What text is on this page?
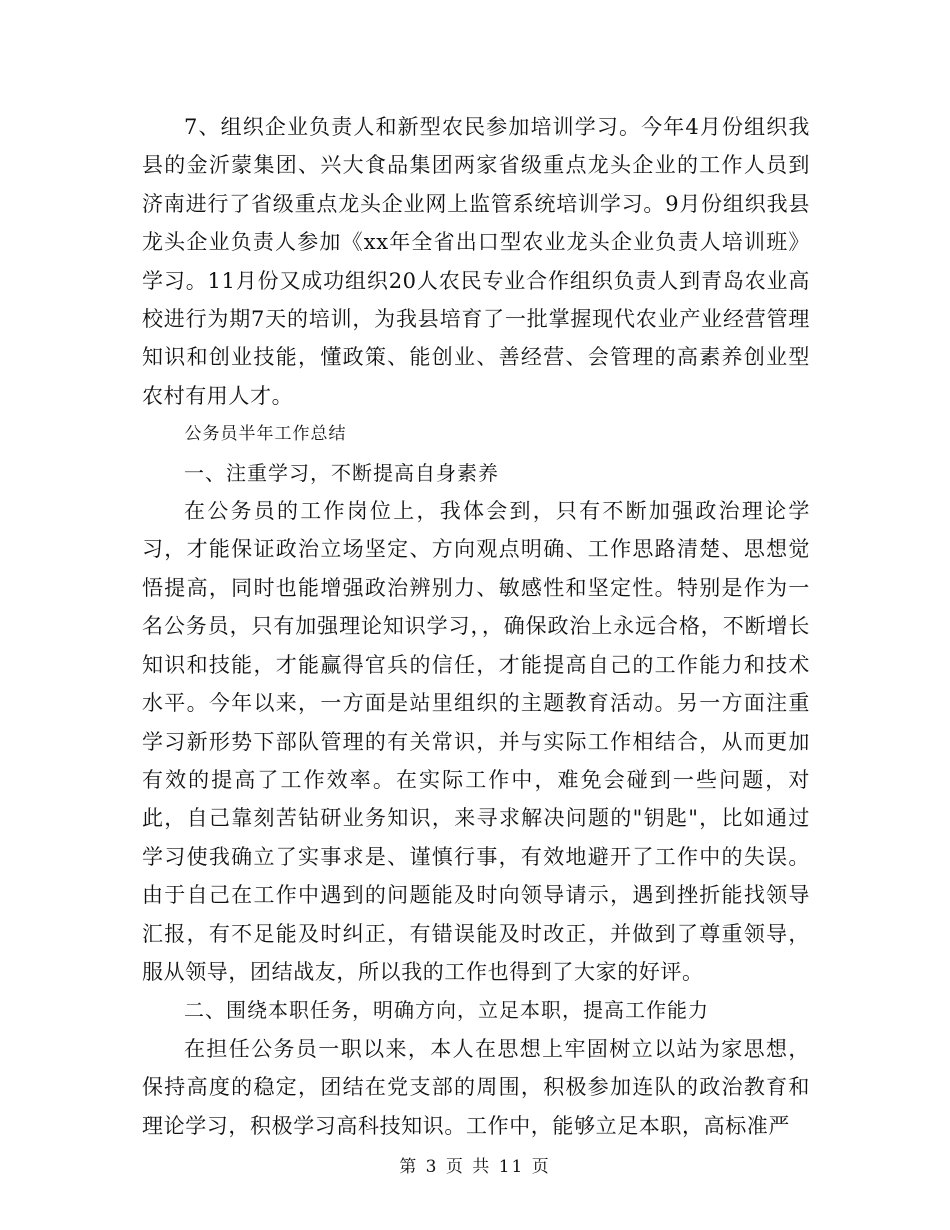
7、组织企业负责人和新型农民参加培训学习。今年4月份组织我县的金沂蒙集团、兴大食品集团两家省级重点龙头企业的工作人员到济南进行了省级重点龙头企业网上监管系统培训学习。9月份组织我县龙头企业负责人参加《xx年全省出口型农业龙头企业负责人培训班》学习。11月份又成功组织20人农民专业合作组织负责人到青岛农业高校进行为期7天的培训，为我县培育了一批掌握现代农业产业经营管理知识和创业技能，懂政策、能创业、善经营、会管理的高素养创业型农村有用人才。

公务员半年工作总结

一、注重学习，不断提高自身素养

在公务员的工作岗位上，我体会到，只有不断加强政治理论学习，才能保证政治立场坚定、方向观点明确、工作思路清楚、思想觉悟提高，同时也能增强政治辨别力、敏感性和坚定性。特别是作为一名公务员，只有加强理论知识学习，，确保政治上永远合格，不断增长知识和技能，才能赢得官兵的信任，才能提高自己的工作能力和技术水平。今年以来，一方面是站里组织的主题教育活动。另一方面注重学习新形势下部队管理的有关常识，并与实际工作相结合，从而更加有效的提高了工作效率。在实际工作中，难免会碰到一些问题，对此，自己靠刻苦钻研业务知识，来寻求解决问题的"钥匙"，比如通过学习使我确立了实事求是、谨慎行事，有效地避开了工作中的失误。由于自己在工作中遇到的问题能及时向领导请示，遇到挫折能找领导汇报，有不足能及时纠正，有错误能及时改正，并做到了尊重领导，服从领导，团结战友，所以我的工作也得到了大家的好评。

二、围绕本职任务，明确方向，立足本职，提高工作能力

在担任公务员一职以来，本人在思想上牢固树立以站为家思想，保持高度的稳定，团结在党支部的周围，积极参加连队的政治教育和理论学习，积极学习高科技知识。工作中，能够立足本职，高标准严

第 3 页 共 11 页
